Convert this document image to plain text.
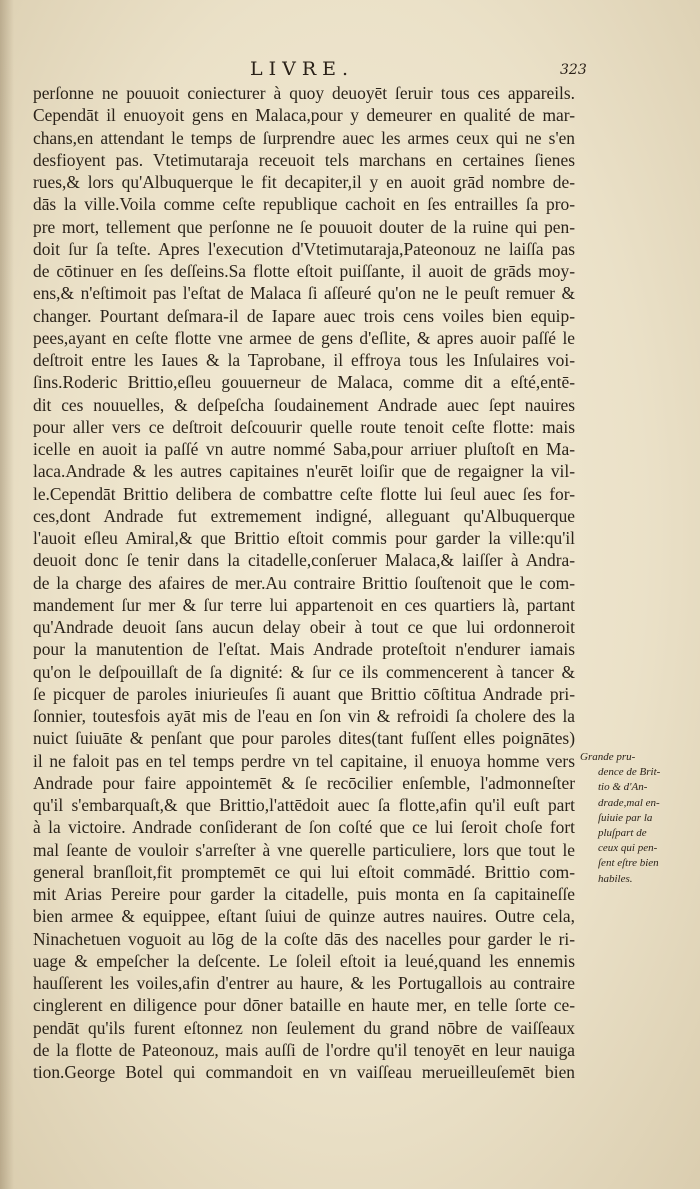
LIVRE.	323
perſonne ne pouuoit coniecturer à quoy deuoyēt ſeruir tous ces appareils.
Cependāt il enuoyoit gens en Malaca,pour y demeurer en qualité de mar-
chans,en attendant le temps de ſurprendre auec les armes ceux qui ne s'en
desfioyent pas. Vtetimutaraja receuoit tels marchans en certaines ſienes
rues,& lors qu'Albuquerque le fit decapiter,il y en auoit grād nombre de-
dās la ville.Voila comme ceſte republique cachoit en ſes entrailles ſa pro-
pre mort, tellement que perſonne ne ſe pouuoit douter de la ruine qui pen-
doit ſur ſa teſte. Apres l'execution d'Vtetimutaraja,Pateonouz ne laiſſa pas
de cōtinuer en ſes deſſeins.Sa flotte eſtoit puiſſante, il auoit de grāds moy-
ens,& n'eſtimoit pas l'eſtat de Malaca ſi aſſeuré qu'on ne le peuſt remuer &
changer. Pourtant deſmara-il de Iapare auec trois cens voiles bien equip-
pees,ayant en ceſte flotte vne armee de gens d'eſlite, & apres auoir paſſé le
deſtroit entre les Iaues & la Taprobane, il effroya tous les Inſulaires voi-
ſins.Roderic Brittio,eſleu gouuerneur de Malaca, comme dit a eſté,entē-
dit ces nouuelles, & deſpeſcha ſoudainement Andrade auec ſept nauires
pour aller vers ce deſtroit deſcouurir quelle route tenoit ceſte flotte: mais
icelle en auoit ia paſſé vn autre nommé Saba,pour arriuer pluſtoſt en Ma-
laca.Andrade & les autres capitaines n'eurēt loiſir que de regaigner la vil-
le.Cependāt Brittio delibera de combattre ceſte flotte lui ſeul auec ſes for-
ces,dont Andrade fut extremement indigné, alleguant qu'Albuquerque
l'auoit eſleu Amiral,& que Brittio eſtoit commis pour garder la ville:qu'il
deuoit donc ſe tenir dans la citadelle,conſeruer Malaca,& laiſſer à Andra-
de la charge des afaires de mer.Au contraire Brittio ſouſtenoit que le com-
mandement ſur mer & ſur terre lui appartenoit en ces quartiers là, partant
qu'Andrade deuoit ſans aucun delay obeir à tout ce que lui ordonneroit
pour la manutention de l'eſtat. Mais Andrade proteſtoit n'endurer iamais
qu'on le deſpouillaſt de ſa dignité: & ſur ce ils commencerent à tancer &
ſe picquer de paroles iniurieuſes ſi auant que Brittio cōſtitua Andrade pri-
ſonnier, toutesfois ayāt mis de l'eau en ſon vin & refroidi ſa cholere des la
nuict ſuiuāte & penſant que pour paroles dites(tant fuſſent elles poignātes)
il ne faloit pas en tel temps perdre vn tel capitaine, il enuoya homme vers
Andrade pour faire appointemēt & ſe recōcilier enſemble, l'admonneſter
qu'il s'embarquaſt,& que Brittio,l'attēdoit auec ſa flotte,afin qu'il euſt part
à la victoire. Andrade conſiderant de ſon coſté que ce lui ſeroit choſe fort
mal ſeante de vouloir s'arreſter à vne querelle particuliere, lors que tout le
general branſloit,fit promptemēt ce qui lui eſtoit commādé. Brittio com-
mit Arias Pereire pour garder la citadelle, puis monta en ſa capitaineſſe
bien armee & equippee, eſtant ſuiui de quinze autres nauires. Outre cela,
Ninachetuen voguoit au lōg de la coſte dās des nacelles pour garder le ri-
uage & empeſcher la deſcente. Le ſoleil eſtoit ia leué,quand les ennemis
hauſſerent les voiles,afin d'entrer au haure, & les Portugallois au contraire
cinglerent en diligence pour dōner bataille en haute mer, en telle ſorte ce-
pendāt qu'ils furent eſtonnez non ſeulement du grand nōbre de vaiſſeaux
de la flotte de Pateonouz, mais auſſi de l'ordre qu'il tenoyēt en leur nauiga
tion.George Botel qui commandoit en vn vaiſſeau merueilleuſemēt bien
Grande pru-
dence de Brit-
tio & d'An-
drade,mal en-
ſuiuie par la
pluſpart de
ceux qui pen-
ſent eſtre bien
habiles.
